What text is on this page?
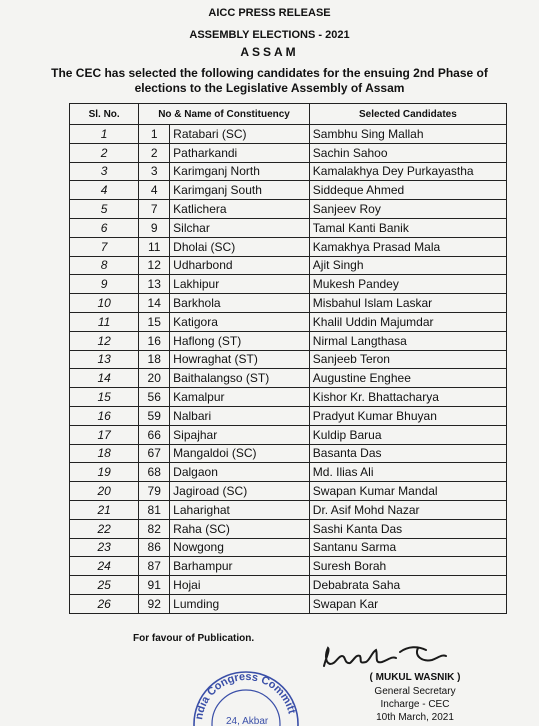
AICC PRESS RELEASE
ASSEMBLY ELECTIONS - 2021
ASSAM
The CEC has selected the following candidates for the ensuing 2nd Phase of elections to the Legislative Assembly of Assam
Sl. No.	No & Name of Constituency		Selected Candidates
1	1	Ratabari (SC)	Sambhu Sing Mallah
2	2	Patharkandi	Sachin Sahoo
3	3	Karimganj North	Kamalakhya Dey Purkayastha
4	4	Karimganj South	Siddeque Ahmed
5	7	Katlichera	Sanjeev Roy
6	9	Silchar	Tamal Kanti Banik
7	11	Dholai (SC)	Kamakhya Prasad Mala
8	12	Udharbond	Ajit Singh
9	13	Lakhipur	Mukesh Pandey
10	14	Barkhola	Misbahul Islam Laskar
11	15	Katigora	Khalil Uddin Majumdar
12	16	Haflong (ST)	Nirmal Langthasa
13	18	Howraghat (ST)	Sanjeeb Teron
14	20	Baithalangso (ST)	Augustine Enghee
15	56	Kamalpur	Kishor Kr. Bhattacharya
16	59	Nalbari	Pradyut Kumar Bhuyan
17	66	Sipajhar	Kuldip Barua
18	67	Mangaldoi (SC)	Basanta Das
19	68	Dalgaon	Md. Ilias Ali
20	79	Jagiroad (SC)	Swapan Kumar Mandal
21	81	Laharighat	Dr. Asif Mohd Nazar
22	82	Raha (SC)	Sashi Kanta Das
23	86	Nowgong	Santanu Sarma
24	87	Barhampur	Suresh Borah
25	91	Hojai	Debabrata Saha
26	92	Lumding	Swapan Kar
For favour of Publication.
( MUKUL WASNIK )
General Secretary
Incharge - CEC
10th March, 2021
ndia Congress Committ
24, Akbar
